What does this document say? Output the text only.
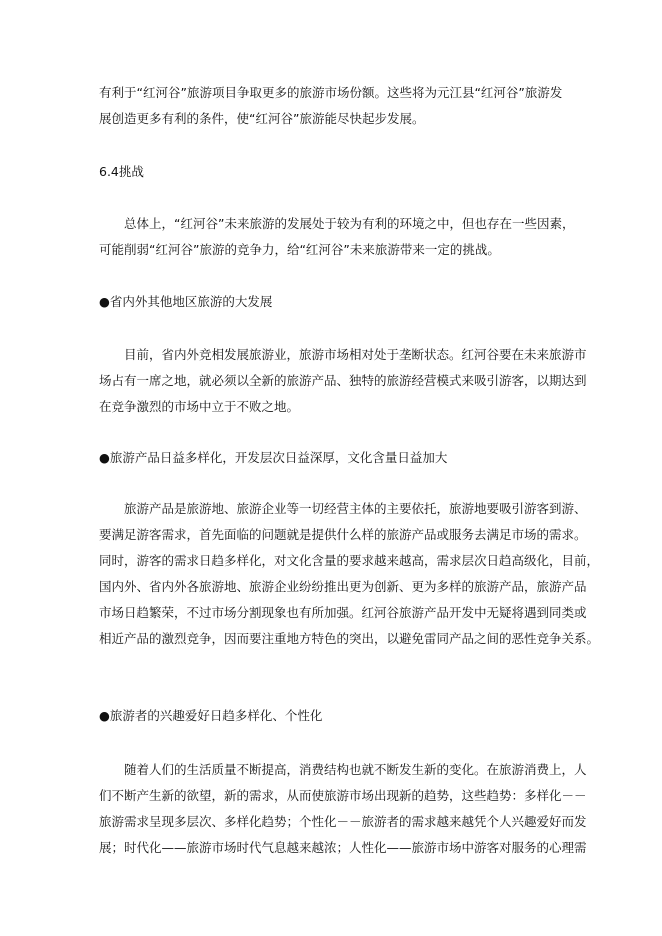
有利于“红河谷”旅游项目争取更多的旅游市场份额。这些将为元江县“红河谷”旅游发
展创造更多有利的条件，使“红河谷”旅游能尽快起步发展。
6.4挑战
　　总体上，“红河谷”未来旅游的发展处于较为有利的环境之中，但也存在一些因素，
可能削弱“红河谷”旅游的竞争力，给“红河谷”未来旅游带来一定的挑战。
●省内外其他地区旅游的大发展
　　目前，省内外竞相发展旅游业，旅游市场相对处于垄断状态。红河谷要在未来旅游市
场占有一席之地，就必须以全新的旅游产品、独特的旅游经营模式来吸引游客，以期达到
在竞争激烈的市场中立于不败之地。
●旅游产品日益多样化，开发层次日益深厚，文化含量日益加大
　　旅游产品是旅游地、旅游企业等一切经营主体的主要依托，旅游地要吸引游客到游、
要满足游客需求，首先面临的问题就是提供什么样的旅游产品或服务去满足市场的需求。
同时，游客的需求日趋多样化，对文化含量的要求越来越高，需求层次日趋高级化，目前，
国内外、省内外各旅游地、旅游企业纷纷推出更为创新、更为多样的旅游产品，旅游产品
市场日趋繁荣，不过市场分割现象也有所加强。红河谷旅游产品开发中无疑将遇到同类或
相近产品的激烈竞争，因而要注重地方特色的突出，以避免雷同产品之间的恶性竞争关系。
●旅游者的兴趣爱好日趋多样化、个性化
　　随着人们的生活质量不断提高，消费结构也就不断发生新的变化。在旅游消费上，人
们不断产生新的欲望，新的需求，从而使旅游市场出现新的趋势，这些趋势：多样化－－
旅游需求呈现多层次、多样化趋势；个性化－－旅游者的需求越来越凭个人兴趣爱好而发
展；时代化——旅游市场时代气息越来越浓；人性化——旅游市场中游客对服务的心理需
